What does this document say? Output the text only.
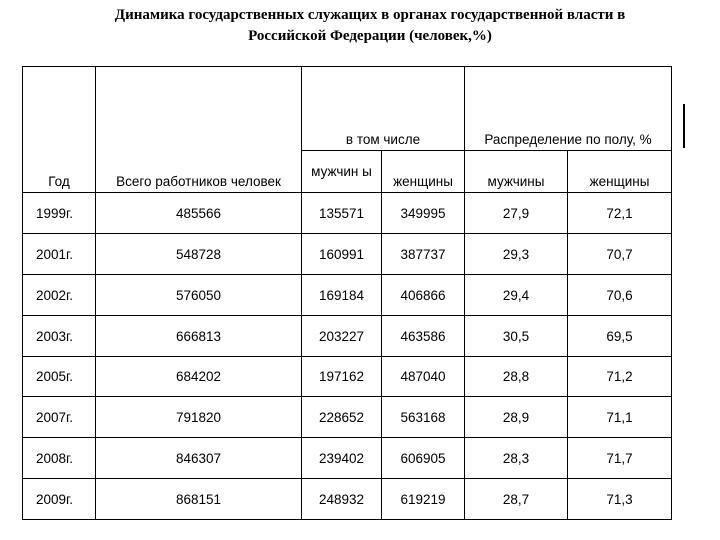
Динамика государственных служащих в органах государственной власти в
Российской Федерации (человек,%)
Год	Всего работников человек	в том числе		Распределение по полу, %	
		мужчин ы	женщины	мужчины	женщины
1999г.	485566	135571	349995	27,9	72,1
2001г.	548728	160991	387737	29,3	70,7
2002г.	576050	169184	406866	29,4	70,6
2003г.	666813	203227	463586	30,5	69,5
2005г.	684202	197162	487040	28,8	71,2
2007г.	791820	228652	563168	28,9	71,1
2008г.	846307	239402	606905	28,3	71,7
2009г.	868151	248932	619219	28,7	71,3
